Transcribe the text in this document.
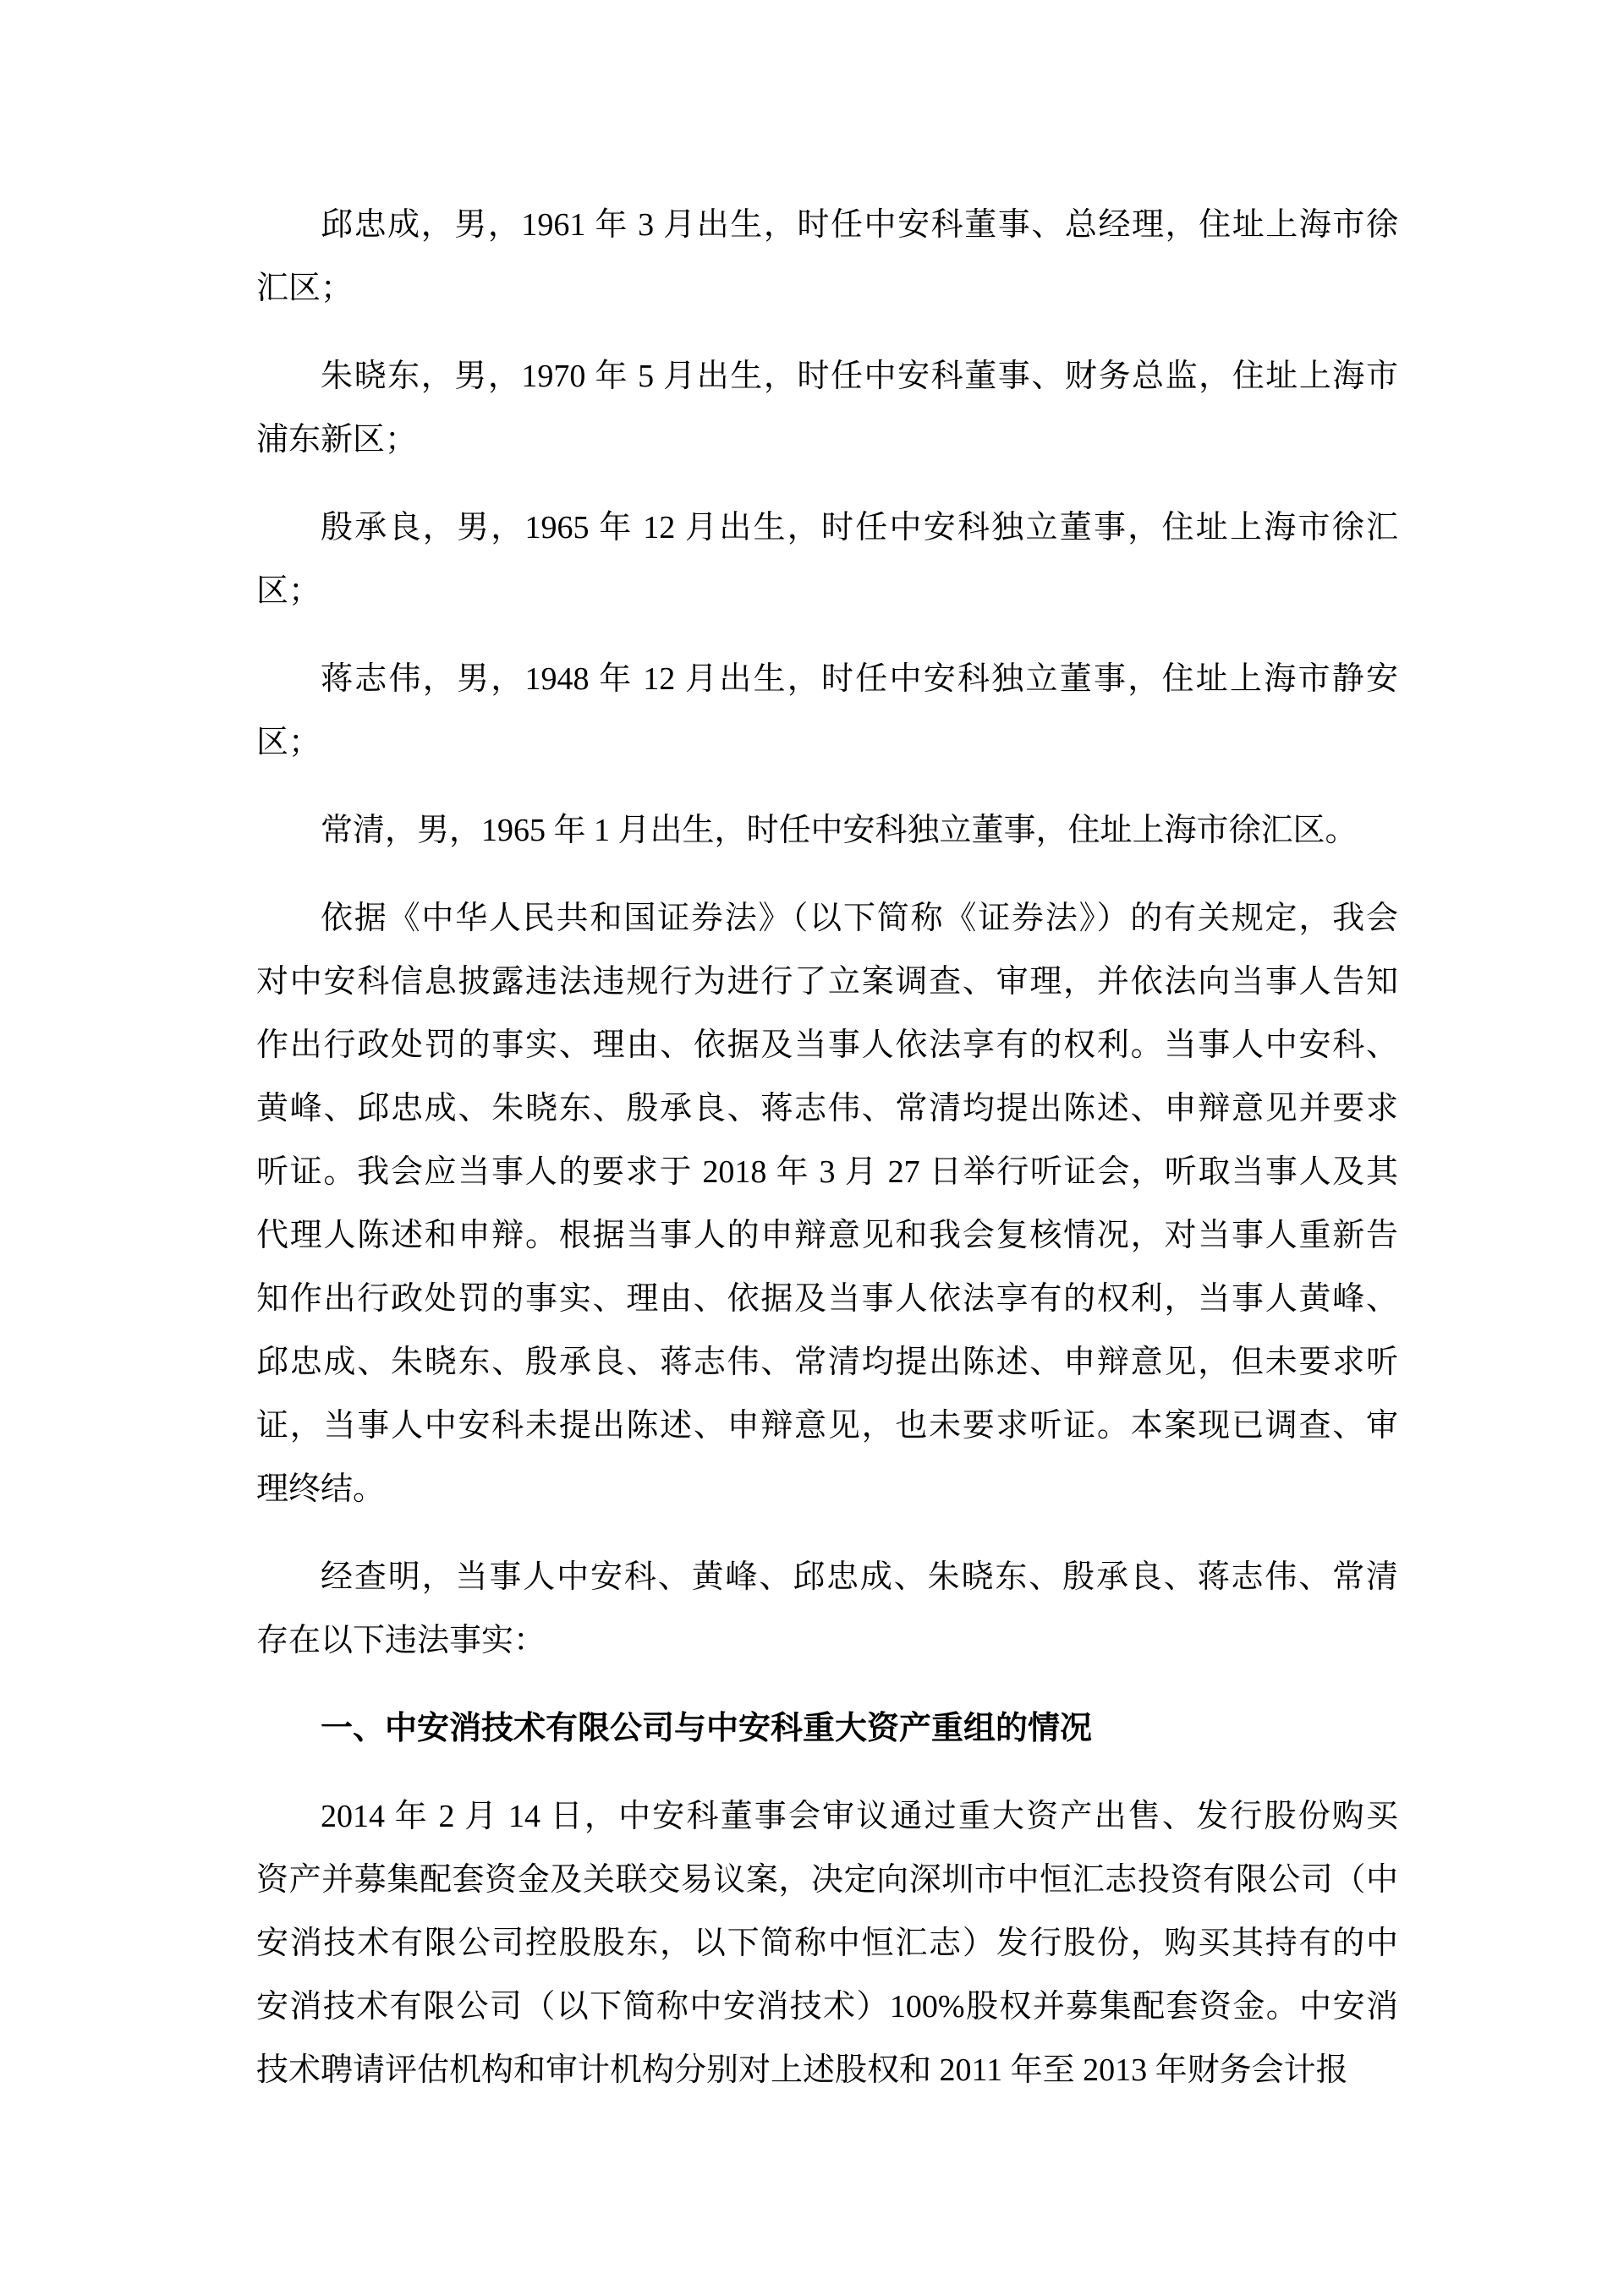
邱忠成，男，1961 年 3 月出生，时任中安科董事、总经理，住址上海市徐
汇区；
朱晓东，男，1970 年 5 月出生，时任中安科董事、财务总监，住址上海市
浦东新区；
殷承良，男，1965 年 12 月出生，时任中安科独立董事，住址上海市徐汇
区；
蒋志伟，男，1948 年 12 月出生，时任中安科独立董事，住址上海市静安
区；
常清，男，1965 年 1 月出生，时任中安科独立董事，住址上海市徐汇区。
依据《中华人民共和国证券法》（以下简称《证券法》）的有关规定，我会
对中安科信息披露违法违规行为进行了立案调查、审理，并依法向当事人告知
作出行政处罚的事实、理由、依据及当事人依法享有的权利。当事人中安科、
黄峰、邱忠成、朱晓东、殷承良、蒋志伟、常清均提出陈述、申辩意见并要求
听证。我会应当事人的要求于 2018 年 3 月 27 日举行听证会，听取当事人及其
代理人陈述和申辩。根据当事人的申辩意见和我会复核情况，对当事人重新告
知作出行政处罚的事实、理由、依据及当事人依法享有的权利，当事人黄峰、
邱忠成、朱晓东、殷承良、蒋志伟、常清均提出陈述、申辩意见，但未要求听
证，当事人中安科未提出陈述、申辩意见，也未要求听证。本案现已调查、审
理终结。
经查明，当事人中安科、黄峰、邱忠成、朱晓东、殷承良、蒋志伟、常清
存在以下违法事实：
一、中安消技术有限公司与中安科重大资产重组的情况
2014 年 2 月 14 日，中安科董事会审议通过重大资产出售、发行股份购买
资产并募集配套资金及关联交易议案，决定向深圳市中恒汇志投资有限公司（中
安消技术有限公司控股股东，以下简称中恒汇志）发行股份，购买其持有的中
安消技术有限公司（以下简称中安消技术）100%股权并募集配套资金。中安消
技术聘请评估机构和审计机构分别对上述股权和 2011 年至 2013 年财务会计报
